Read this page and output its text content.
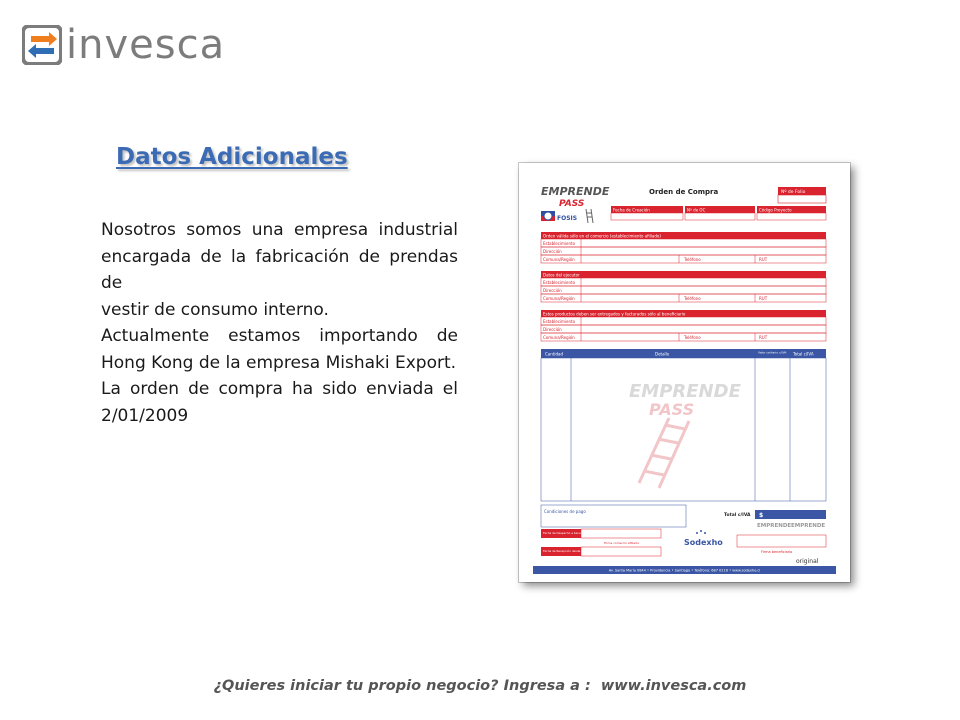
invesca
Datos Adicionales

Nosotros somos una empresa industrial encargada de la fabricación de prendas de

vestir de consumo interno.

Actualmente estamos importando de Hong Kong de la empresa Mishaki Export.

La orden de compra ha sido enviada el 2/01/2009

EMPRENDE
PASS
Orden de Compra	Nº de Folio
FOSIS
Fecha de Creación	Nº de OC	Código Proyecto
Orden válida sólo en el comercio (establecimiento afiliado)
Establecimiento
Dirección
Comuna/Región	Teléfono	RUT
Datos del ejecutor
Establecimiento
Dirección
Comuna/Región	Teléfono	RUT
Estos productos deben ser entregados y facturados sólo al beneficiario
Establecimiento
Dirección
Comuna/Región	Teléfono	RUT
Cantidad	Detalle	Valor unitario c/IVA Total c/IVA
EMPRENDE
PASS
Condiciones de pago
Total c/IVA $
Fecha de Despacho a beneficiario
Firma comercio afiliado
Fecha de Recepción desde ejecutor
Sodexho
EMPRENDE EMPRENDE
Firma beneficiario
original
Av. Santa María 0844 • Providencia • Santiago • Teléfono: 687 0216 • www.sodexho.cl
¿Quieres iniciar tu propio negocio? Ingresa a : www.invesca.com
